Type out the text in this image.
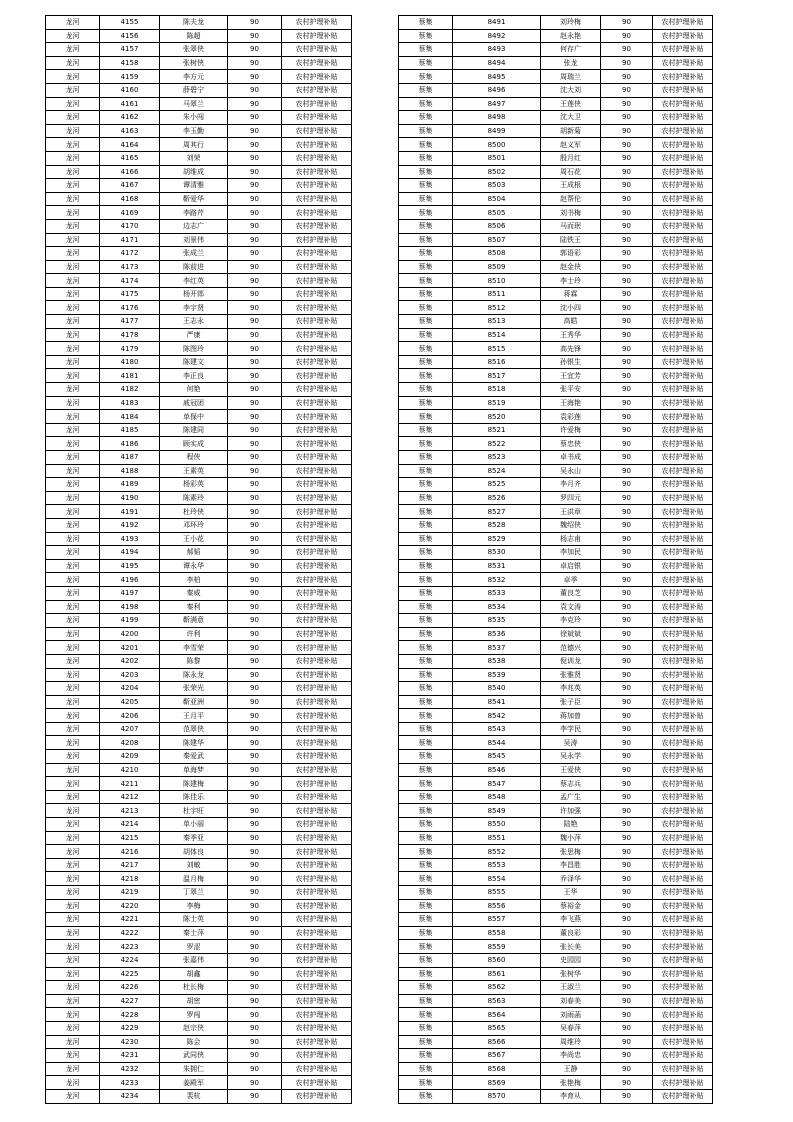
龙河	4155	陈夫龙	90	农村护理补贴
龙河	4156	陈超	90	农村护理补贴
龙河	4157	张翠侠	90	农村护理补贴
龙河	4158	张树侠	90	农村护理补贴
龙河	4159	李方元	90	农村护理补贴
龙河	4160	薛碧宁	90	农村护理补贴
龙河	4161	马翠兰	90	农村护理补贴
龙河	4162	朱小闯	90	农村护理补贴
龙河	4163	李玉勤	90	农村护理补贴
龙河	4164	周其行	90	农村护理补贴
龙河	4165	刘荣	90	农村护理补贴
龙河	4166	胡维成	90	农村护理补贴
龙河	4167	谭清雅	90	农村护理补贴
龙河	4168	靳爱华	90	农村护理补贴
龙河	4169	李路芹	90	农村护理补贴
龙河	4170	边志广	90	农村护理补贴
龙河	4171	刘景伟	90	农村护理补贴
龙河	4172	张成兰	90	农村护理补贴
龙河	4173	陈前进	90	农村护理补贴
龙河	4174	李红英	90	农村护理补贴
龙河	4175	杨开郎	90	农村护理补贴
龙河	4176	李宇贤	90	农村护理补贴
龙河	4177	王志永	90	农村护理补贴
龙河	4178	严康	90	农村护理补贴
龙河	4179	陈图玲	90	农村护理补贴
龙河	4180	陈建文	90	农村护理补贴
龙河	4181	李正良	90	农村护理补贴
龙河	4182	何艳	90	农村护理补贴
龙河	4183	戚冠团	90	农村护理补贴
龙河	4184	单保中	90	农村护理补贴
龙河	4185	陈建同	90	农村护理补贴
龙河	4186	顾实成	90	农村护理补贴
龙河	4187	程侠	90	农村护理补贴
龙河	4188	王素英	90	农村护理补贴
龙河	4189	杨彩英	90	农村护理补贴
龙河	4190	陈素玲	90	农村护理补贴
龙河	4191	杜玲侠	90	农村护理补贴
龙河	4192	邓环玲	90	农村护理补贴
龙河	4193	王小花	90	农村护理补贴
龙河	4194	郝韬	90	农村护理补贴
龙河	4195	谭永华	90	农村护理补贴
龙河	4196	李柏	90	农村护理补贴
龙河	4197	秦威	90	农村护理补贴
龙河	4198	秦利	90	农村护理补贴
龙河	4199	靳满意	90	农村护理补贴
龙河	4200	许利	90	农村护理补贴
龙河	4201	李雪荣	90	农村护理补贴
龙河	4202	陈黎	90	农村护理补贴
龙河	4203	陈永龙	90	农村护理补贴
龙河	4204	张荣光	90	农村护理补贴
龙河	4205	靳亚洲	90	农村护理补贴
龙河	4206	王月平	90	农村护理补贴
龙河	4207	范翠侠	90	农村护理补贴
龙河	4208	陈建华	90	农村护理补贴
龙河	4209	秦爱武	90	农村护理补贴
龙河	4210	单海梦	90	农村护理补贴
龙河	4211	陈建梅	90	农村护理补贴
龙河	4212	陈佳乐	90	农村护理补贴
龙河	4213	杜宇旺	90	农村护理补贴
龙河	4214	单小丽	90	农村护理补贴
龙河	4215	秦季亚	90	农村护理补贴
龙河	4216	胡体良	90	农村护理补贴
龙河	4217	刘敏	90	农村护理补贴
龙河	4218	温月梅	90	农村护理补贴
龙河	4219	丁翠兰	90	农村护理补贴
龙河	4220	李梅	90	农村护理补贴
龙河	4221	陈士英	90	农村护理补贴
龙河	4222	秦士萍	90	农村护理补贴
龙河	4223	罗涩	90	农村护理补贴
龙河	4224	张嘉伟	90	农村护理补贴
龙河	4225	胡鑫	90	农村护理补贴
龙河	4226	杜长梅	90	农村护理补贴
龙河	4227	胡密	90	农村护理补贴
龙河	4228	罗闯	90	农村护理补贴
龙河	4229	赵宗侠	90	农村护理补贴
龙河	4230	陈会	90	农村护理补贴
龙河	4231	武同侠	90	农村护理补贴
龙河	4232	朱拥仁	90	农村护理补贴
龙河	4233	姜殿军	90	农村护理补贴
龙河	4234	裴杭	90	农村护理补贴
蔡集	8491	刘玲梅	90	农村护理补贴
蔡集	8492	赵永艳	90	农村护理补贴
蔡集	8493	何存广	90	农村护理补贴
蔡集	8494	张龙	90	农村护理补贴
蔡集	8495	周瑞兰	90	农村护理补贴
蔡集	8496	沈大刘	90	农村护理补贴
蔡集	8497	王莲侠	90	农村护理补贴
蔡集	8498	沈大卫	90	农村护理补贴
蔡集	8499	胡新菊	90	农村护理补贴
蔡集	8500	赵义军	90	农村护理补贴
蔡集	8501	殷月红	90	农村护理补贴
蔡集	8502	周石花	90	农村护理补贴
蔡集	8503	王成根	90	农村护理补贴
蔡集	8504	赵帮伦	90	农村护理补贴
蔡集	8505	刘书梅	90	农村护理补贴
蔡集	8506	马而珉	90	农村护理补贴
蔡集	8507	陆铁王	90	农村护理补贴
蔡集	8508	郭语彩	90	农村护理补贴
蔡集	8509	赵金侠	90	农村护理补贴
蔡集	8510	李士玲	90	农村护理补贴
蔡集	8511	蒋霖	90	农村护理补贴
蔡集	8512	沈小四	90	农村护理补贴
蔡集	8513	高皓	90	农村护理补贴
蔡集	8514	王秀华	90	农村护理补贴
蔡集	8515	高先锋	90	农村护理补贴
蔡集	8516	孙银生	90	农村护理补贴
蔡集	8517	王宜芳	90	农村护理补贴
蔡集	8518	张平安	90	农村护理补贴
蔡集	8519	王海艳	90	农村护理补贴
蔡集	8520	袁彩莲	90	农村护理补贴
蔡集	8521	许爱梅	90	农村护理补贴
蔡集	8522	蔡忠侠	90	农村护理补贴
蔡集	8523	卓书成	90	农村护理补贴
蔡集	8524	吴永山	90	农村护理补贴
蔡集	8525	李月齐	90	农村护理补贴
蔡集	8526	罗四元	90	农村护理补贴
蔡集	8527	王洪章	90	农村护理补贴
蔡集	8528	魏绍侠	90	农村护理补贴
蔡集	8529	杨志甫	90	农村护理补贴
蔡集	8530	李加民	90	农村护理补贴
蔡集	8531	卓启银	90	农村护理补贴
蔡集	8532	卓季	90	农村护理补贴
蔡集	8533	董良芝	90	农村护理补贴
蔡集	8534	袁文涛	90	农村护理补贴
蔡集	8535	李克玲	90	农村护理补贴
蔡集	8536	徐斌斌	90	农村护理补贴
蔡集	8537	范德兴	90	农村护理补贴
蔡集	8538	倪训龙	90	农村护理补贴
蔡集	8539	张雅贤	90	农村护理补贴
蔡集	8540	李兆英	90	农村护理补贴
蔡集	8541	张子臣	90	农村护理补贴
蔡集	8542	蒋加曾	90	农村护理补贴
蔡集	8543	李学民	90	农村护理补贴
蔡集	8544	吴涛	90	农村护理补贴
蔡集	8545	吴永学	90	农村护理补贴
蔡集	8546	王爱侠	90	农村护理补贴
蔡集	8547	蔡志兵	90	农村护理补贴
蔡集	8548	孟广生	90	农村护理补贴
蔡集	8549	许加强	90	农村护理补贴
蔡集	8550	陆艳	90	农村护理补贴
蔡集	8551	魏小萍	90	农村护理补贴
蔡集	8552	张思梅	90	农村护理补贴
蔡集	8553	李昌胜	90	农村护理补贴
蔡集	8554	乔泽华	90	农村护理补贴
蔡集	8555	王华	90	农村护理补贴
蔡集	8556	蔡裕金	90	农村护理补贴
蔡集	8557	李飞燕	90	农村护理补贴
蔡集	8558	董良彩	90	农村护理补贴
蔡集	8559	张长美	90	农村护理补贴
蔡集	8560	史园园	90	农村护理补贴
蔡集	8561	张树华	90	农村护理补贴
蔡集	8562	王淑兰	90	农村护理补贴
蔡集	8563	刘春美	90	农村护理补贴
蔡集	8564	刘雨菡	90	农村护理补贴
蔡集	8565	吴春萍	90	农村护理补贴
蔡集	8566	周维玲	90	农村护理补贴
蔡集	8567	李尚忠	90	农村护理补贴
蔡集	8568	王静	90	农村护理补贴
蔡集	8569	张艳梅	90	农村护理补贴
蔡集	8570	李育从	90	农村护理补贴
